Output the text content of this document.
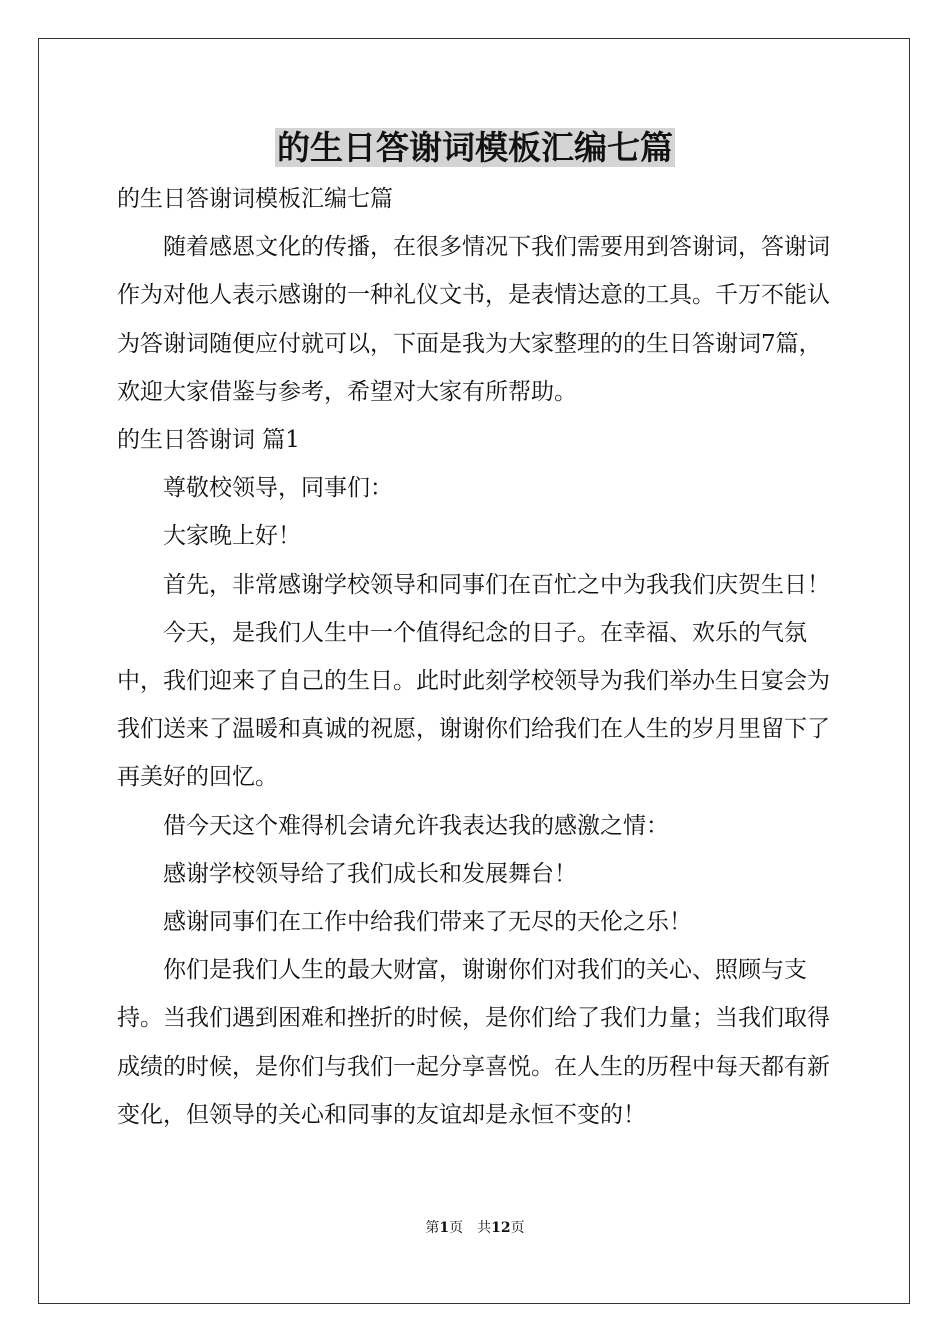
的生日答谢词模板汇编七篇

的生日答谢词模板汇编七篇

随着感恩文化的传播，在很多情况下我们需要用到答谢词，答谢词作为对他人表示感谢的一种礼仪文书，是表情达意的工具。千万不能认为答谢词随便应付就可以，下面是我为大家整理的的生日答谢词7篇，欢迎大家借鉴与参考，希望对大家有所帮助。

的生日答谢词 篇1

尊敬校领导，同事们：

大家晚上好！

首先，非常感谢学校领导和同事们在百忙之中为我我们庆贺生日！

今天，是我们人生中一个值得纪念的日子。在幸福、欢乐的气氛中，我们迎来了自己的生日。此时此刻学校领导为我们举办生日宴会为我们送来了温暖和真诚的祝愿，谢谢你们给我们在人生的岁月里留下了再美好的回忆。

借今天这个难得机会请允许我表达我的感激之情：

感谢学校领导给了我们成长和发展舞台！

感谢同事们在工作中给我们带来了无尽的天伦之乐！

你们是我们人生的最大财富，谢谢你们对我们的关心、照顾与支持。当我们遇到困难和挫折的时候，是你们给了我们力量；当我们取得成绩的时候，是你们与我们一起分享喜悦。在人生的历程中每天都有新变化，但领导的关心和同事的友谊却是永恒不变的！

第1页 共12页
